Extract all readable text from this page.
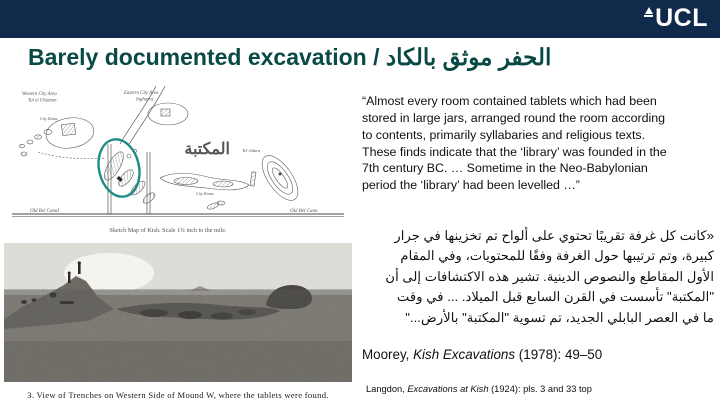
UCL
Barely documented excavation / الحفر موثق بالكاد
Western City Area
Tal el Uhaimer
Eastern City Area
Ingharra
City Ruins
City Ruins
Tel Jidura
Old Bel Canal	Old Bel Cana
المكتبة
Sketch Map of Kish. Scale 1¾ inch to the mile.
3. View of Trenches on Western Side of Mound W, where the tablets were found.
“Almost every room contained tablets which had been stored in large jars, arranged round the room according to contents, primarily syllabaries and religious texts. These finds indicate that the ‘library’ was founded in the 7th century BC. … Sometime in the Neo-Babylonian period the ‘library’ had been levelled …”
«كانت كل غرفة تقريبًا تحتوي على ألواح تم تخزينها في جرار كبيرة، وتم ترتيبها حول الغرفة وفقًا للمحتويات، وفي المقام الأول المقاطع والنصوص الدينية. تشير هذه الاكتشافات إلى أن "المكتبة" تأسست في القرن السابع قبل الميلاد. ... في وقت ما في العصر البابلي الجديد، تم تسوية "المكتبة" بالأرض..."
Moorey, Kish Excavations (1978): 49–50
Langdon, Excavations at Kish (1924): pls. 3 and 33 top
